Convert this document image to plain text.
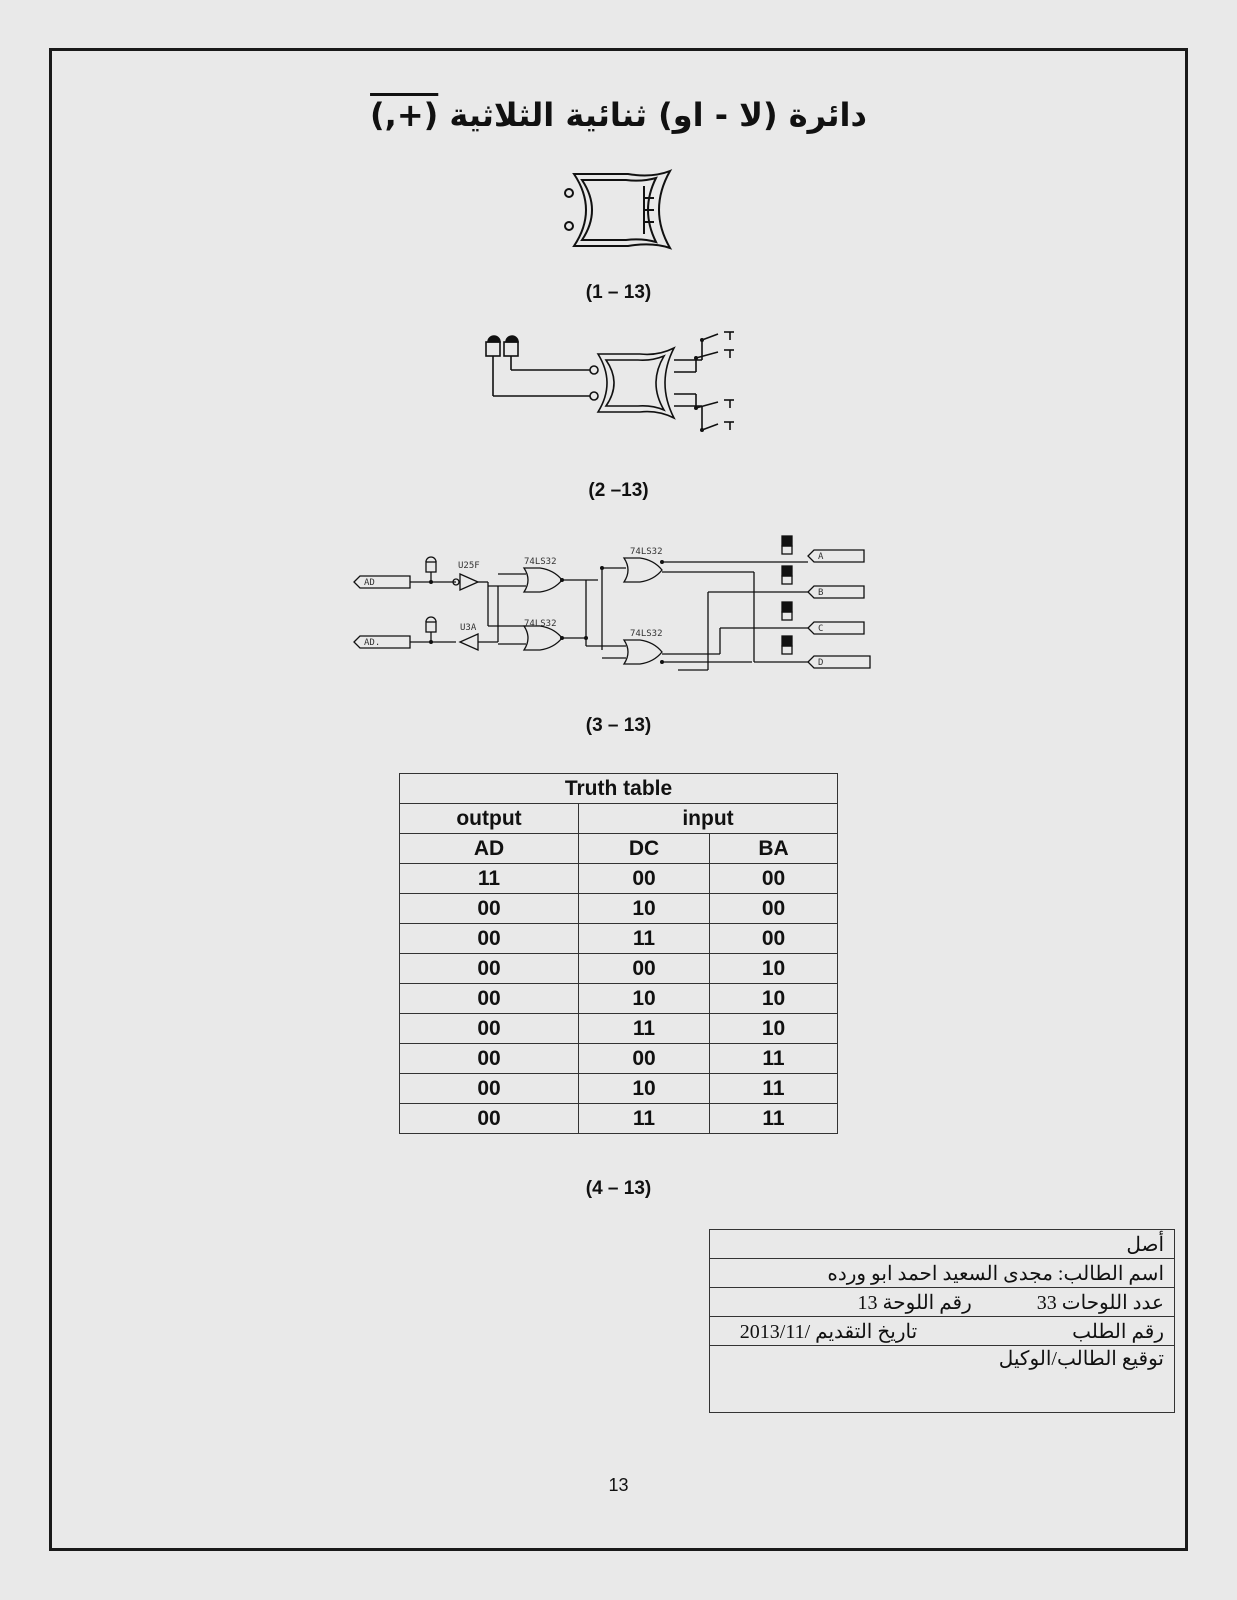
دائرة (لا - او) ثنائية الثلاثية (+,)
(1 – 13)
(2 –13)
AD
AD.
U25F
U3A
74LS32
74LS32
74LS32
74LS32
A
B
C
D
(3 – 13)
Truth table		
output	input	
AD	DC	BA
11	00	00
00	10	00
00	11	00
00	00	10
00	10	10
00	11	10
00	00	11
00	10	11
00	11	11
(4 – 13)
أصل
اسم الطالب: مجدى السعيد احمد ابو ورده
عدد اللوحات 33 رقم اللوحة 13
رقم الطلب تاريخ التقديم /2013/11
توقيع الطالب/الوكيل
13
